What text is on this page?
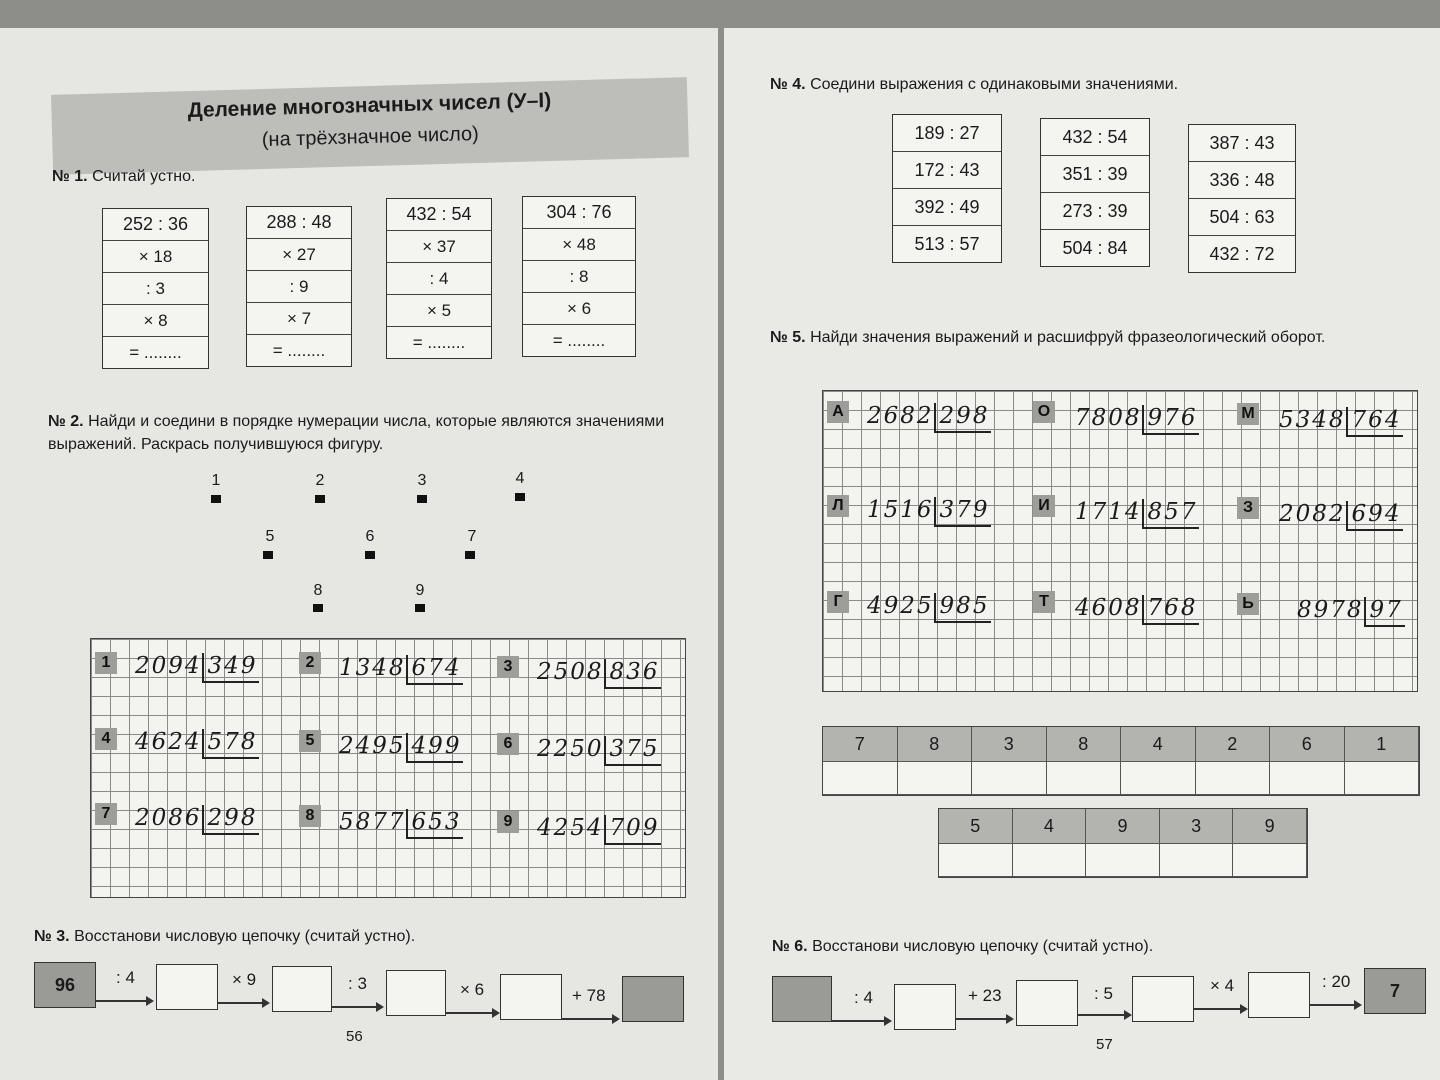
Деление многозначных чисел (У–I)
(на трёхзначное число)
№ 1. Считай устно.
252 : 36
× 18
: 3
× 8
= ........
288 : 48
× 27
: 9
× 7
= ........
432 : 54
× 37
: 4
× 5
= ........
304 : 76
× 48
: 8
× 6
= ........
№ 2. Найди и соедини в порядке нумерации числа, которые являются значениями выражений. Раскрась получившуюся фигуру.
1	2	3	4
5	6	7
8	9
1 2094 349	2 1348 674	3 2508 836
4 4624 578	5 2495 499	6 2250 375
7 2086 298	8 5877 653	9 4254 709
№ 3. Восстанови числовую цепочку (считай устно).
96	: 4	× 9	: 3	× 6	+ 78
56
№ 4. Соедини выражения с одинаковыми значениями.
189 : 27
172 : 43
392 : 49
513 : 57
432 : 54
351 : 39
273 : 39
504 : 84
387 : 43
336 : 48
504 : 63
432 : 72
№ 5. Найди значения выражений и расшифруй фразеологический оборот.
А 2682 298	О 7808 976	М 5348 764
Л 1516 379	И 1714 857	З 2082 694
Г 4925 985	Т 4608 768	Ь 8978 97
7	8	3	8	4	2	6	1
5	4	9	3	9
№ 6. Восстанови числовую цепочку (считай устно).
: 4	+ 23	: 5	× 4	: 20	7
57
